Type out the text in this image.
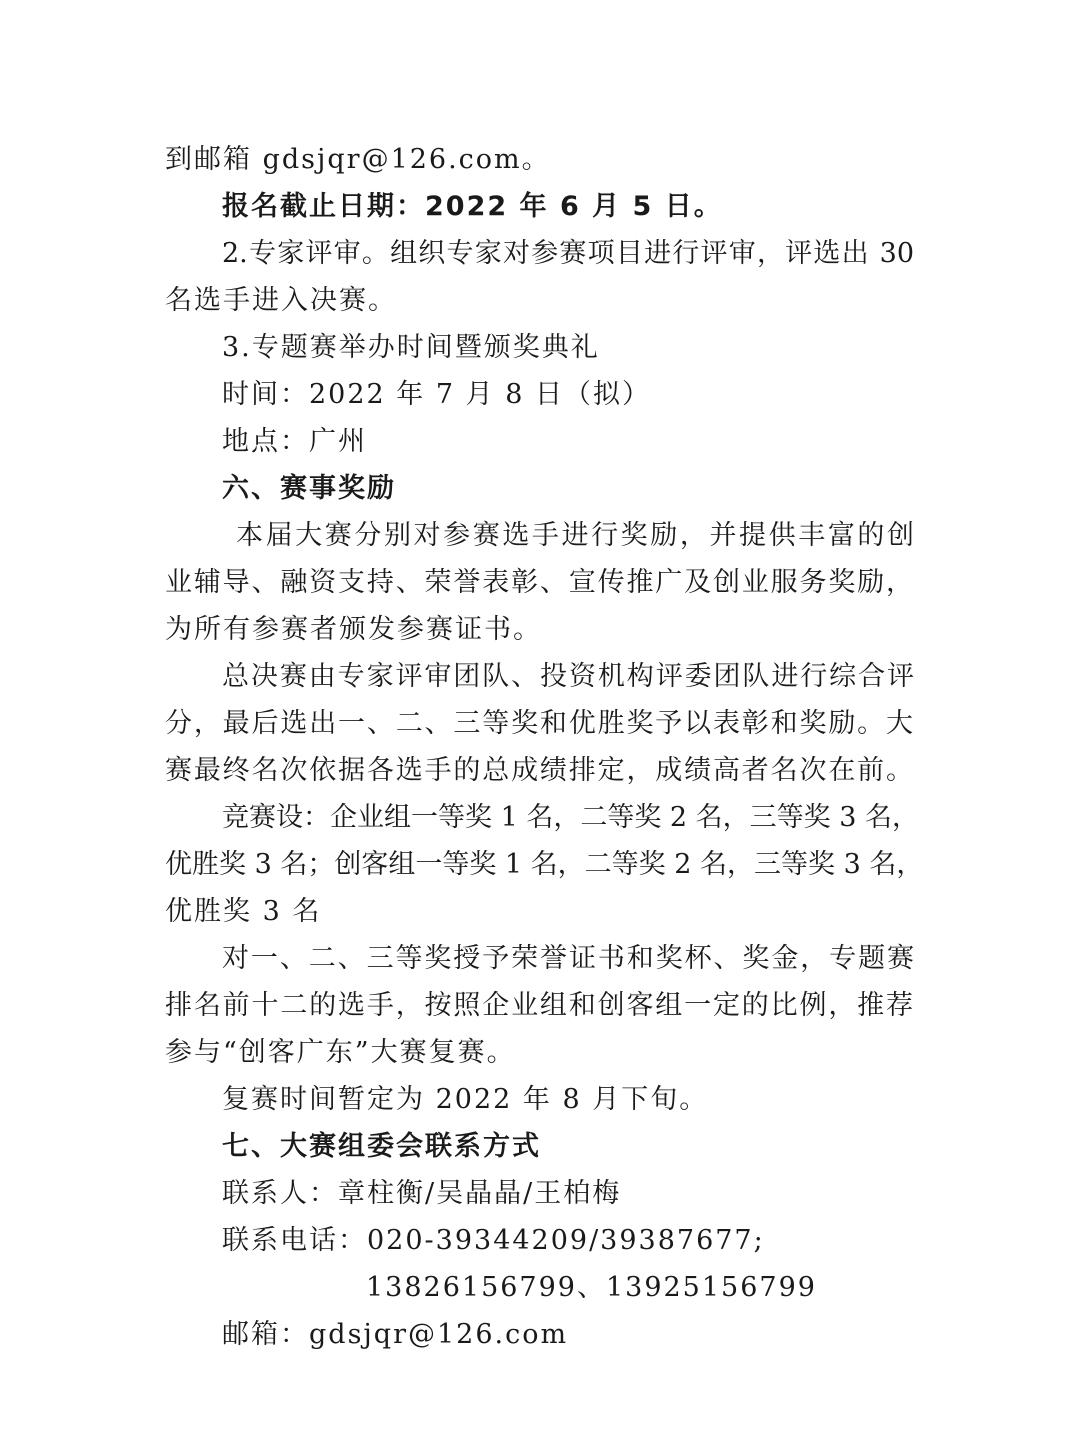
到邮箱 gdsjqr@126.com。
报名截止日期：2022 年 6 月 5 日。
2.专家评审。组织专家对参赛项目进行评审，评选出 30
名选手进入决赛。
3.专题赛举办时间暨颁奖典礼
时间：2022 年 7 月 8 日（拟）
地点：广州
六、赛事奖励
本届大赛分别对参赛选手进行奖励，并提供丰富的创
业辅导、融资支持、荣誉表彰、宣传推广及创业服务奖励，
为所有参赛者颁发参赛证书。
总决赛由专家评审团队、投资机构评委团队进行综合评
分，最后选出一、二、三等奖和优胜奖予以表彰和奖励。大
赛最终名次依据各选手的总成绩排定，成绩高者名次在前。
竞赛设：企业组一等奖 1 名，二等奖 2 名，三等奖 3 名，
优胜奖 3 名；创客组一等奖 1 名，二等奖 2 名，三等奖 3 名，
优胜奖 3 名
对一、二、三等奖授予荣誉证书和奖杯、奖金，专题赛
排名前十二的选手，按照企业组和创客组一定的比例，推荐
参与“创客广东”大赛复赛。
复赛时间暂定为 2022 年 8 月下旬。
七、大赛组委会联系方式
联系人：章柱衡/吴晶晶/王柏梅
联系电话：020-39344209/39387677;
13826156799、13925156799
邮箱：gdsjqr@126.com
